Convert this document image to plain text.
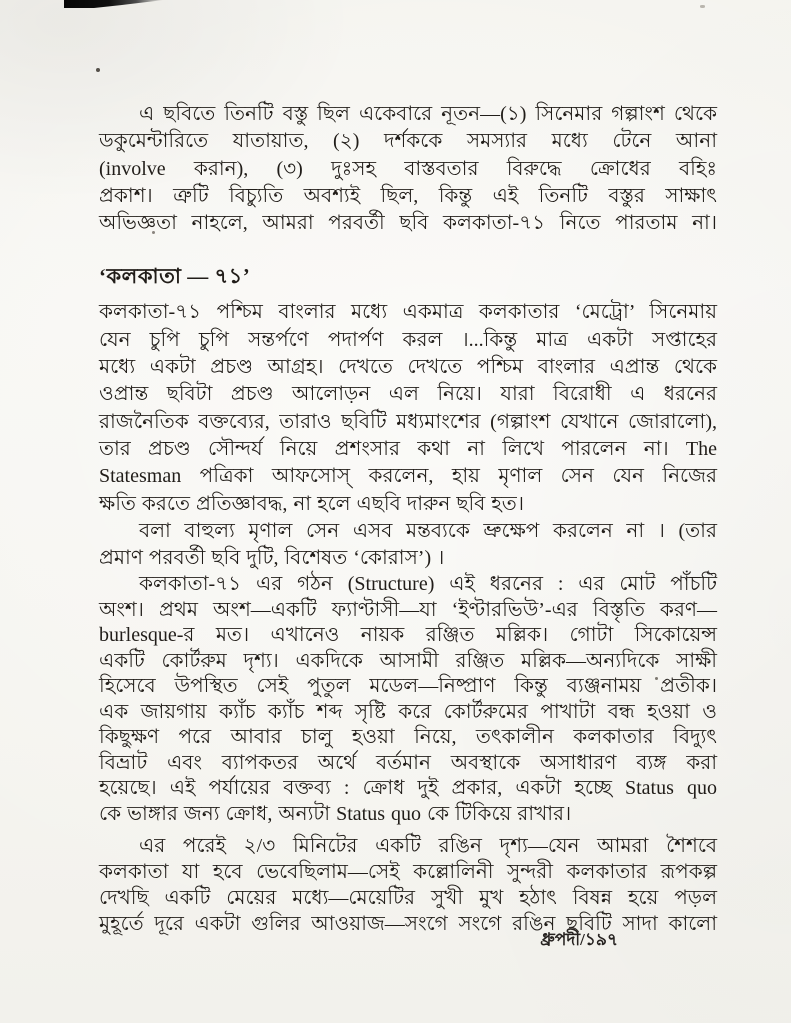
এ ছবিতে তিনটি বস্তু ছিল একেবারে নূতন—(১) সিনেমার গল্পাংশ থেকে
ডকুমেন্টারিতে যাতায়াত, (২) দর্শককে সমস্যার মধ্যে টেনে আনা
(involve করান), (৩) দুঃসহ বাস্তবতার বিরুদ্ধে ক্রোধের বহিঃ
প্রকাশ। ত্রুটি বিচ্যুতি অবশ্যই ছিল, কিন্তু এই তিনটি বস্তুর সাক্ষাৎ
অভিজ্ঞতা নাহলে, আমরা পরবর্তী ছবি কলকাতা-৭১ নিতে পারতাম না।
‘কলকাতা — ৭১’
কলকাতা-৭১ পশ্চিম বাংলার মধ্যে একমাত্র কলকাতার ‘মেট্রো’ সিনেমায়
যেন চুপি চুপি সন্তর্পণে পদার্পণ করল ।...কিন্তু মাত্র একটা সপ্তাহের
মধ্যে একটা প্রচণ্ড আগ্রহ। দেখতে দেখতে পশ্চিম বাংলার এপ্রান্ত থেকে
ওপ্রান্ত ছবিটা প্রচণ্ড আলোড়ন এল নিয়ে। যারা বিরোধী এ ধরনের
রাজনৈতিক বক্তব্যের, তারাও ছবিটি মধ্যমাংশের (গল্পাংশ যেখানে জোরালো),
তার প্রচণ্ড সৌন্দর্য নিয়ে প্রশংসার কথা না লিখে পারলেন না। The
Statesman পত্রিকা আফসোস্ করলেন, হায় মৃণাল সেন যেন নিজের
ক্ষতি করতে প্রতিজ্ঞাবদ্ধ, না হলে এছবি দারুন ছবি হত।
বলা বাহুল্য মৃণাল সেন এসব মন্তব্যকে ভ্রুক্ষেপ করলেন না । (তার
প্রমাণ পরবর্তী ছবি দুটি, বিশেষত ‘কোরাস’) ।
কলকাতা-৭১ এর গঠন (Structure) এই ধরনের : এর মোট পাঁচটি
অংশ। প্রথম অংশ—একটি ফ্যাণ্টাসী—যা ‘ইণ্টারভিউ’-এর বিস্তৃতি করণ—
burlesque-র মত। এখানেও নায়ক রঞ্জিত মল্লিক। গোটা সিকোয়েন্স
একটি কোর্টরুম দৃশ্য। একদিকে আসামী রঞ্জিত মল্লিক—অন্যদিকে সাক্ষী
হিসেবে উপস্থিত সেই পুতুল মডেল—নিষ্প্রাণ কিন্তু ব্যঞ্জনাময় প্রতীক।
এক জায়গায় ক্যাঁচ ক্যাঁচ শব্দ সৃষ্টি করে কোর্টরুমের পাখাটা বন্ধ হওয়া ও
কিছুক্ষণ পরে আবার চালু হওয়া নিয়ে, তৎকালীন কলকাতার বিদ্যুৎ
বিভ্রাট এবং ব্যাপকতর অর্থে বর্তমান অবস্থাকে অসাধারণ ব্যঙ্গ করা
হয়েছে। এই পর্যায়ের বক্তব্য : ক্রোধ দুই প্রকার, একটা হচ্ছে Status quo
কে ভাঙ্গার জন্য ক্রোধ, অন্যটা Status quo কে টিকিয়ে রাখার।
এর পরেই ২/৩ মিনিটের একটি রঙিন দৃশ্য—যেন আমরা শৈশবে
কলকাতা যা হবে ভেবেছিলাম—সেই কল্লোলিনী সুন্দরী কলকাতার রূপকল্প
দেখছি একটি মেয়ের মধ্যে—মেয়েটির সুখী মুখ হঠাৎ বিষন্ন হয়ে পড়ল
মুহূর্তে দূরে একটা গুলির আওয়াজ—সংগে সংগে রঙিন ছবিটি সাদা কালো
ধ্রুপদী/১৯৭
